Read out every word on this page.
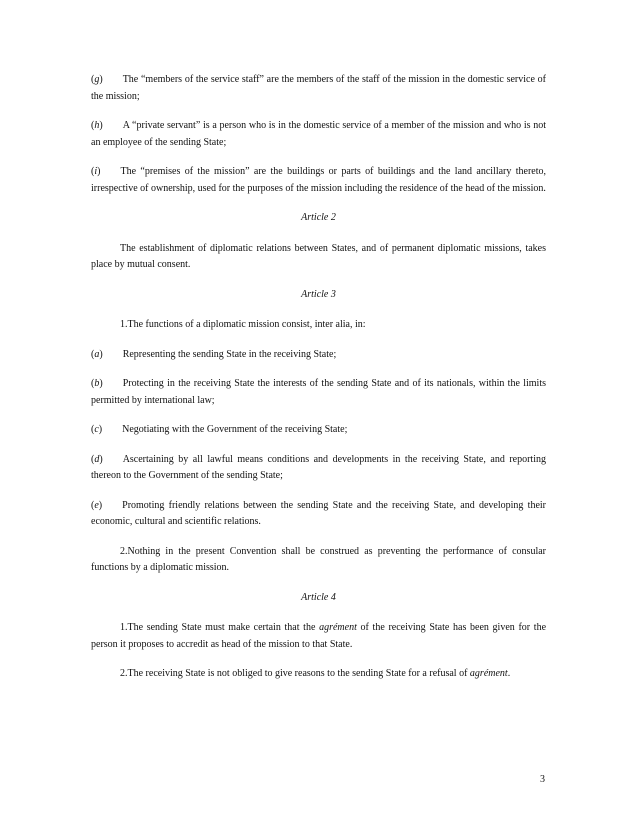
(g) The “members of the service staff” are the members of the staff of the mission in the domestic service of the mission;

(h) A “private servant” is a person who is in the domestic service of a member of the mission and who is not an employee of the sending State;

(i) The “premises of the mission” are the buildings or parts of buildings and the land ancillary thereto, irrespective of ownership, used for the purposes of the mission including the residence of the head of the mission.

Article 2

The establishment of diplomatic relations between States, and of permanent diplomatic missions, takes place by mutual consent.

Article 3

1.The functions of a diplomatic mission consist, inter alia, in:

(a) Representing the sending State in the receiving State;

(b) Protecting in the receiving State the interests of the sending State and of its nationals, within the limits permitted by international law;

(c) Negotiating with the Government of the receiving State;

(d) Ascertaining by all lawful means conditions and developments in the receiving State, and reporting thereon to the Government of the sending State;

(e) Promoting friendly relations between the sending State and the receiving State, and developing their economic, cultural and scientific relations.

2.Nothing in the present Convention shall be construed as preventing the performance of consular functions by a diplomatic mission.

Article 4

1.The sending State must make certain that the agrément of the receiving State has been given for the person it proposes to accredit as head of the mission to that State.

2.The receiving State is not obliged to give reasons to the sending State for a refusal of agrément.

3
